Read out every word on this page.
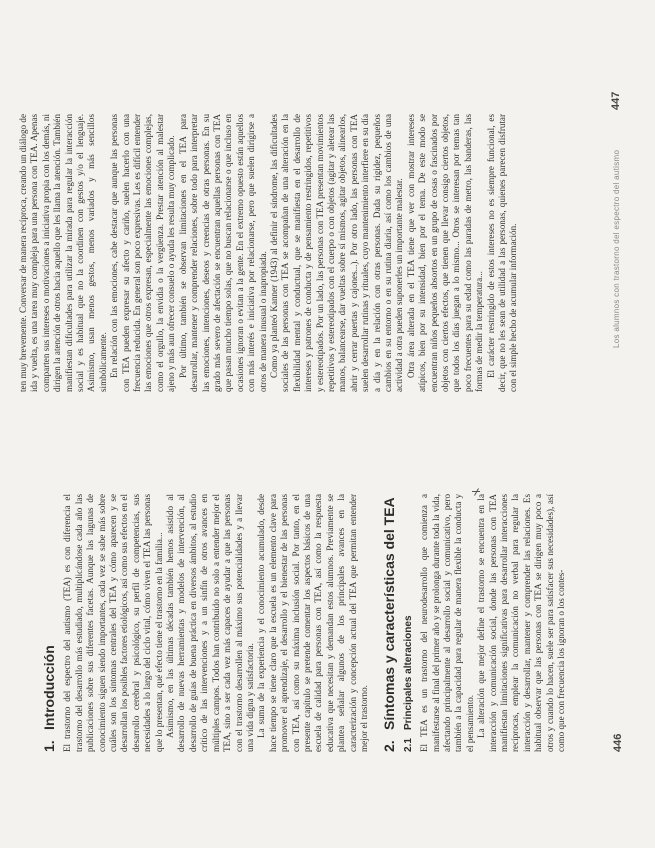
1.Introducción El trastorno del espectro del autismo (TEA) es con diferencia el trastorno del desarrollo más estudiado, multiplicándose cada año las publicaciones sobre sus diferentes facetas. Aunque las lagunas de conocimiento siguen siendo importantes, cada vez se sabe más sobre cuáles son los síntomas centrales del TEA y cómo aparecen y se desarrollan los posibles factores etiológicos, así como sus efectos en el desarrollo cerebral y psicológico, su perfil de competencias, sus necesidades a lo largo del ciclo vital, cómo viven el TEA las personas que lo presentan, qué efecto tiene el trastorno en la familia... Asimismo, en las últimas décadas también hemos asistido al desarrollo de nuevas herramientas y modelos de intervención, al desarrollo de guías de buena práctica en diversos ámbitos, al estudio crítico de las intervenciones y a un sinfín de otros avances en múltiples campos. Todos han contribuido no solo a entender mejor el TEA, sino a ser cada vez más capaces de ayudar a que las personas con el trastorno desarrollen al máximo sus potencialidades y a llevar una vida digna y satisfactoria. La suma de la experiencia y el conocimiento acumulado, desde hace tiempo se tiene claro que la escuela es un elemento clave para promover el aprendizaje, el desarrollo y el bienestar de las personas con TEA, así como su máxima inclusión social. Por tanto, en el presente capítulo se pretende comentar los aspectos básicos de una escuela de calidad para personas con TEA, así como la respuesta educativa que necesitan y demandan estos alumnos. Previamente se plantea señalar algunos de los principales avances en la caracterización y concepción actual del TEA que permitan entender mejor el trastorno. 2.Síntomas y características del TEA
2.1Principales alteraciones El TEA es un trastorno del neurodesarrollo que comienza a manifestarse al final del primer año y se prolonga durante toda la vida, afectando principalmente al desarrollo social y comunicativo, pero también a la capacidad para regular de manera flexible la conducta y el pensamiento. La alteración que mejor define el trastorno se encuentra en la interacción y comunicación social, donde las personas con TEA manifiestan limitaciones significativas para desarrollar interacciones recíprocas, emplear la comunicación no verbal para regular la interacción y desarrollar, mantener y comprender las relaciones. Es habitual observar que las personas con TEA se dirigen muy poco a otros y cuando lo hacen, suele ser para satisfacer sus necesidades), así como que con frecuencia los ignoran o los contes-	446

ten muy brevemente. Conversar de manera recíproca, creando un diálogo de ida y vuelta, es una tarea muy compleja para una persona con TEA. Apenas comparten sus intereses o motivaciones a iniciativa propia con los demás, ni dirigen la atención de otros hacia aquello que les llama la atención. También manifiestan dificultades para utilizar la mirada para regular la interacción social y es habitual que no la coordinen con gestos y/o el lenguaje. Asimismo, usan menos gestos, menos variados y más sencillos simbólicamente. En relación con las emociones, cabe destacar que aunque las personas con TEA pueden expresar su afecto y cariño, suelen hacerlo con una frecuencia reducida. En general son poco expresivas. Les es difícil entender las emociones que otros expresan, especialmente las emociones complejas, como el orgullo, la envidia o la vergüenza. Prestar atención al malestar ajeno y más aun ofrecer consuelo o ayuda les resulta muy complicado. Por último, también se observan limitaciones en el TEA para desarrollar, mantener y comprender relaciones, sobre todo para interpretar las emociones, intenciones, deseos y creencias de otras personas. En su grado más severo de afectación se encuentran aquellas personas con TEA que pasan mucho tiempo solas, que no buscan relacionarse o que incluso en ocasiones ignoran o evitan a la gente. En el extremo opuesto están aquellos con más interés e iniciativa por relacionarse, pero que suelen dirigirse a otros de manera inusual o inapropiada. Como ya planteó Kanner (1943) al definir el síndrome, las dificultades sociales de las personas con TEA se acompañan de una alteración en la flexibilidad mental y conductual, que se manifiesta en el desarrollo de intereses y patrones de conducta y de pensamiento restringidos, repetitivos y estereotipados. Por un lado, las personas con TEA presentan movimientos repetitivos y estereotipados con el cuerpo o con objetos (agitar y aletear las manos, balancearse, dar vueltas sobre sí mismos, agitar objetos, alinearlos, abrir y cerrar puertas y cajones...). Por otro lado, las personas con TEA suelen desarrollar rutinas y rituales, cuyo mantenimiento interfiere en su día a día y en la relación con otras personas. Dada su rigidez, pequeños cambios en su entorno o en su rutina diaria, así como los cambios de una actividad a otra pueden suponerles un importante malestar. Otra área alterada en el TEA tiene que ver con mostrar intereses atípicos, bien por su intensidad, bien por el tema. De este modo se encuentran niños pequeños absortos en un grupo de cosas o fascinados por objetos con ciertos efectos, que tienen que llevar consigo ciertos objetos, que todos los días juegan a lo mismo... Otros se interesan por temas tan poco frecuentes para su edad como las paradas de metro, las banderas, las formas de medir la temperatura... El carácter restringido de estos intereses no es siempre funcional, es decir, que no les sean de utilidad a las personas, quienes parecen disfrutar con el simple hecho de acumular información.

447
Los alumnos con trastorno del espectro del autismo
